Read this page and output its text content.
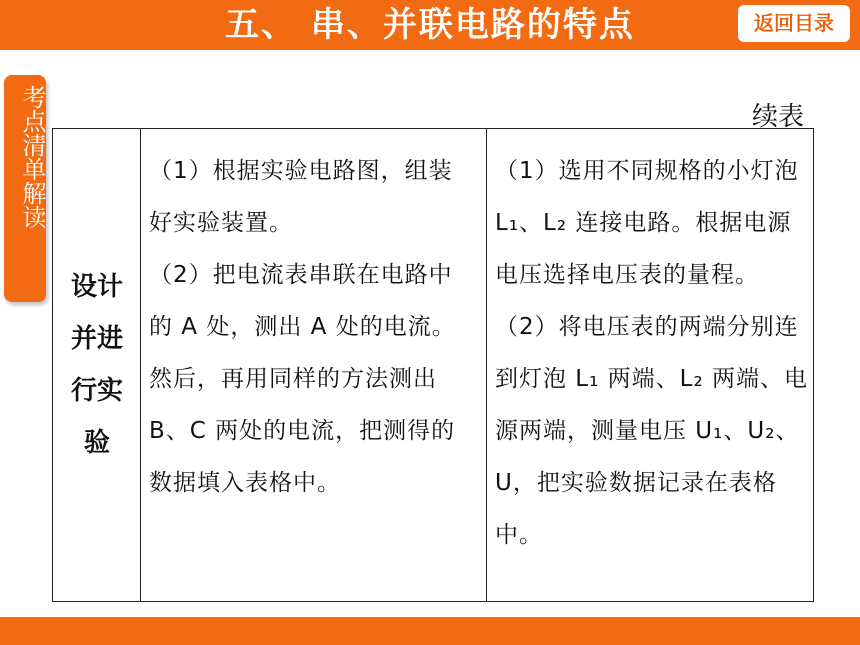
五、 串、并联电路的特点	返回目录
考点清单解读	续表
设计并进行实验

（1）根据实验电路图，组装好实验装置。

（2）把电流表串联在电路中的 A 处，测出 A 处的电流。然后，再用同样的方法测出 B、C 两处的电流，把测得的数据填入表格中。

（1）选用不同规格的小灯泡 L₁、L₂ 连接电路。根据电源电压选择电压表的量程。

（2）将电压表的两端分别连到灯泡 L₁ 两端、L₂ 两端、电源两端，测量电压 U₁、U₂、U，把实验数据记录在表格中。
